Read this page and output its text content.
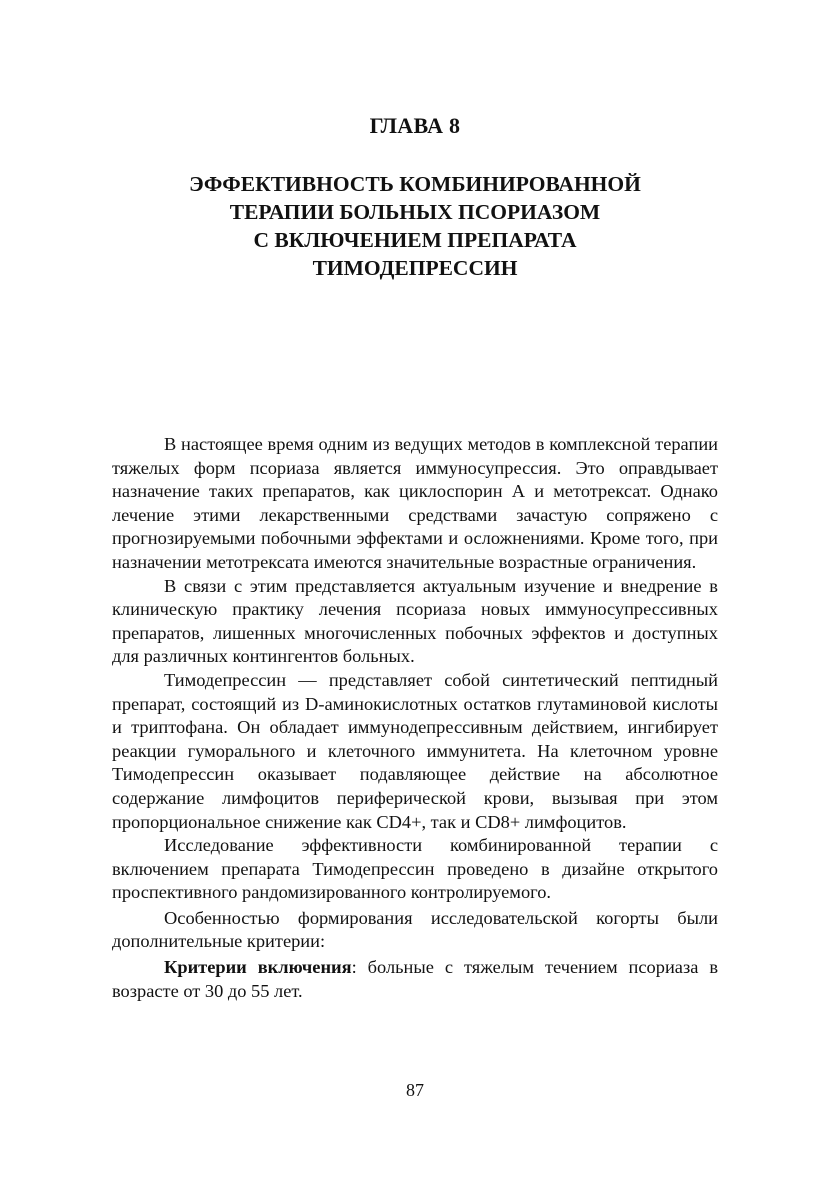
ГЛАВА 8
ЭФФЕКТИВНОСТЬ КОМБИНИРОВАННОЙ
ТЕРАПИИ БОЛЬНЫХ ПСОРИАЗОМ
С ВКЛЮЧЕНИЕМ ПРЕПАРАТА
ТИМОДЕПРЕССИН

В настоящее время одним из ведущих методов в комплексной терапии тяжелых форм псориаза является иммуносупрессия. Это оправдывает назначение таких препаратов, как циклоспорин А и метотрексат. Однако лечение этими лекарственными средствами зачастую сопряжено с прогнозируемыми побочными эффектами и осложнениями. Кроме того, при назначении метотрексата имеются значительные возрастные ограничения.

В связи с этим представляется актуальным изучение и внедрение в клиническую практику лечения псориаза новых иммуносупрессивных препаратов, лишенных многочисленных побочных эффектов и доступных для различных контингентов больных.

Тимодепрессин — представляет собой синтетический пептидный препарат, состоящий из D-аминокислотных остатков глутаминовой кислоты и триптофана. Он обладает иммунодепрессивным действием, ингибирует реакции гуморального и клеточного иммунитета. На клеточном уровне Тимодепрессин оказывает подавляющее действие на абсолютное содержание лимфоцитов периферической крови, вызывая при этом пропорциональное снижение как CD4+, так и CD8+ лимфоцитов.

Исследование эффективности комбинированной терапии с включением препарата Тимодепрессин проведено в дизайне открытого проспективного рандомизированного контролируемого.

Особенностью формирования исследовательской когорты были дополнительные критерии:

Критерии включения: больные с тяжелым течением псориаза в возрасте от 30 до 55 лет.

87
